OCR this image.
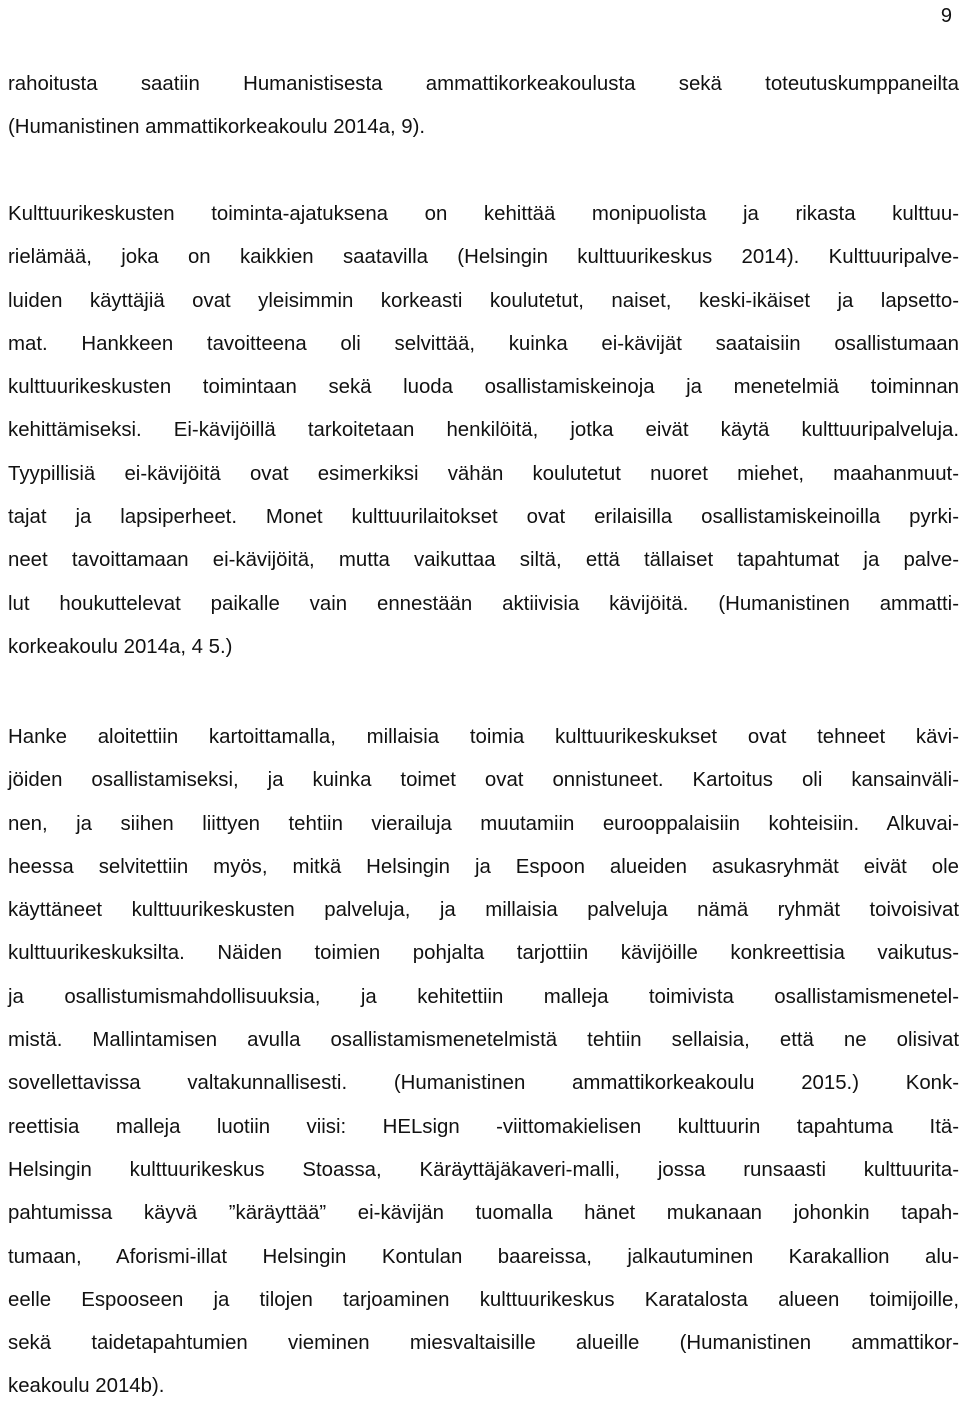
9
rahoitusta saatiin Humanistisesta ammattikorkeakoulusta sekä toteutuskumppaneilta
(Humanistinen ammattikorkeakoulu 2014a, 9).
Kulttuurikeskusten toiminta-ajatuksena on kehittää monipuolista ja rikasta kulttuu-
rielämää, joka on kaikkien saatavilla (Helsingin kulttuurikeskus 2014). Kulttuuripalve-
luiden käyttäjiä ovat yleisimmin korkeasti koulutetut, naiset, keski-ikäiset ja lapsetto-
mat. Hankkeen tavoitteena oli selvittää, kuinka ei-kävijät saataisiin osallistumaan
kulttuurikeskusten toimintaan sekä luoda osallistamiskeinoja ja menetelmiä toiminnan
kehittämiseksi. Ei-kävijöillä tarkoitetaan henkilöitä, jotka eivät käytä kulttuuripalveluja.
Tyypillisiä ei-kävijöitä ovat esimerkiksi vähän koulutetut nuoret miehet, maahanmuut-
tajat ja lapsiperheet. Monet kulttuurilaitokset ovat erilaisilla osallistamiskeinoilla pyrki-
neet tavoittamaan ei-kävijöitä, mutta vaikuttaa siltä, että tällaiset tapahtumat ja palve-
lut houkuttelevat paikalle vain ennestään aktiivisia kävijöitä. (Humanistinen ammatti-
korkeakoulu 2014a, 4 5.)
Hanke aloitettiin kartoittamalla, millaisia toimia kulttuurikeskukset ovat tehneet kävi-
jöiden osallistamiseksi, ja kuinka toimet ovat onnistuneet. Kartoitus oli kansainväli-
nen, ja siihen liittyen tehtiin vierailuja muutamiin eurooppalaisiin kohteisiin. Alkuvai-
heessa selvitettiin myös, mitkä Helsingin ja Espoon alueiden asukasryhmät eivät ole
käyttäneet kulttuurikeskusten palveluja, ja millaisia palveluja nämä ryhmät toivoisivat
kulttuurikeskuksilta. Näiden toimien pohjalta tarjottiin kävijöille konkreettisia vaikutus-
ja osallistumismahdollisuuksia, ja kehitettiin malleja toimivista osallistamismenetel-
mistä. Mallintamisen avulla osallistamismenetelmistä tehtiin sellaisia, että ne olisivat
sovellettavissa valtakunnallisesti. (Humanistinen ammattikorkeakoulu 2015.) Konk-
reettisia malleja luotiin viisi: HELsign -viittomakielisen kulttuurin tapahtuma Itä-
Helsingin kulttuurikeskus Stoassa, Käräyttäjäkaveri-malli, jossa runsaasti kulttuurita-
pahtumissa käyvä ”käräyttää” ei-kävijän tuomalla hänet mukanaan johonkin tapah-
tumaan, Aforismi-illat Helsingin Kontulan baareissa, jalkautuminen Karakallion alu-
eelle Espooseen ja tilojen tarjoaminen kulttuurikeskus Karatalosta alueen toimijoille,
sekä taidetapahtumien vieminen miesvaltaisille alueille (Humanistinen ammattikor-
keakoulu 2014b).
